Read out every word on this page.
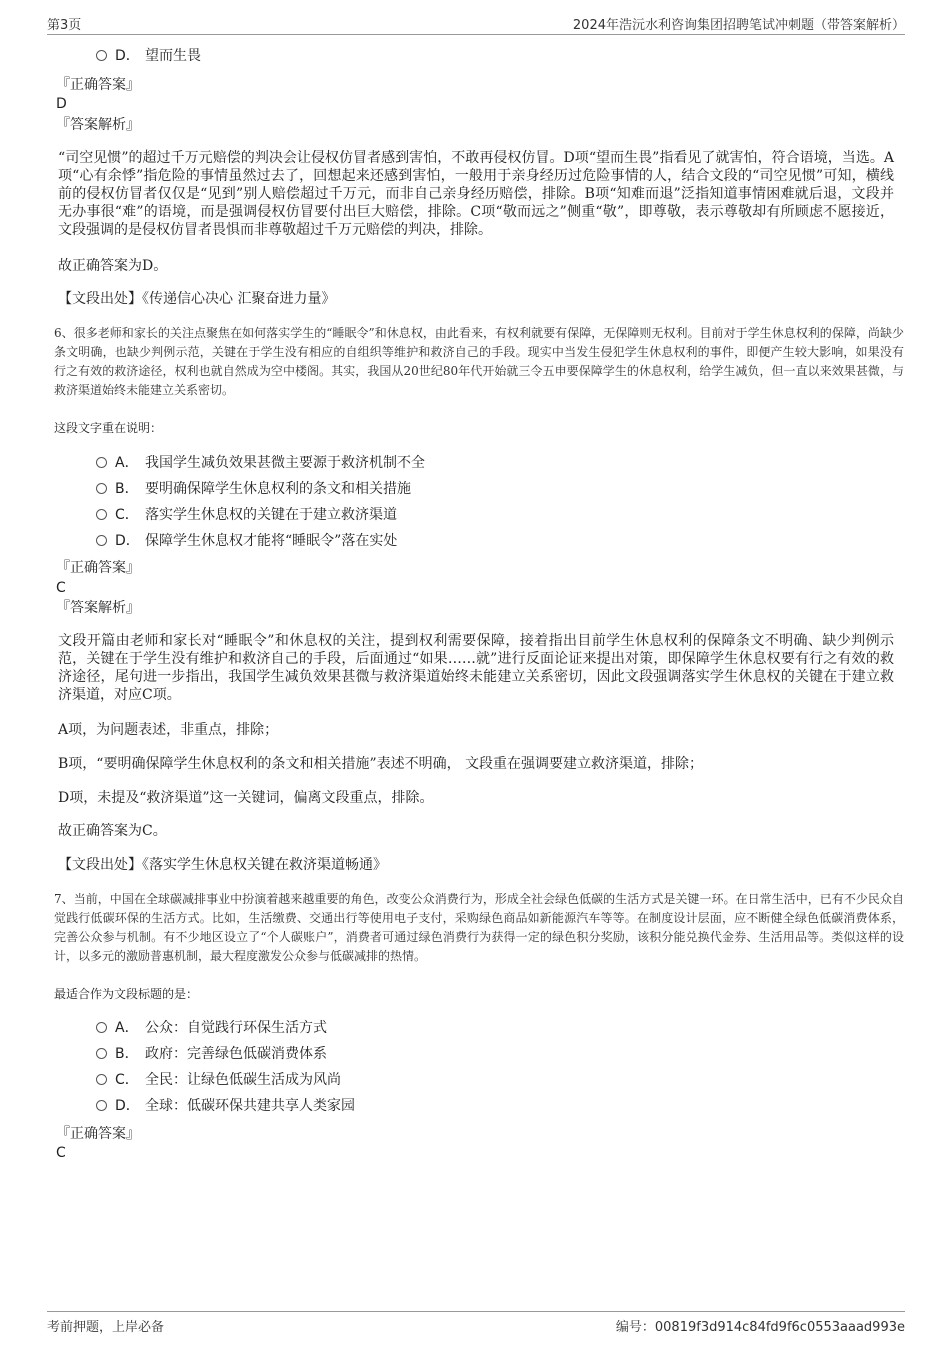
第3页	2024年浩沅水利咨询集团招聘笔试冲刺题（带答案解析）
D． 望而生畏
『正确答案』
D
『答案解析』

“司空见惯”的超过千万元赔偿的判决会让侵权仿冒者感到害怕，不敢再侵权仿冒。D项“望而生畏”指看见了就害怕，符合语境，当选。A项“心有余悸”指危险的事情虽然过去了，回想起来还感到害怕，一般用于亲身经历过危险事情的人，结合文段的“司空见惯”可知，横线前的侵权仿冒者仅仅是“见到”别人赔偿超过千万元，而非自己亲身经历赔偿，排除。B项“知难而退”泛指知道事情困难就后退，文段并无办事很“难”的语境，而是强调侵权仿冒要付出巨大赔偿，排除。C项“敬而远之”侧重“敬”，即尊敬，表示尊敬却有所顾虑不愿接近，文段强调的是侵权仿冒者畏惧而非尊敬超过千万元赔偿的判决，排除。

故正确答案为D。
【文段出处】《传递信心决心 汇聚奋进力量》

6、很多老师和家长的关注点聚焦在如何落实学生的“睡眠令”和休息权，由此看来，有权利就要有保障，无保障则无权利。目前对于学生休息权利的保障，尚缺少条文明确，也缺少判例示范，关键在于学生没有相应的自组织等维护和救济自己的手段。现实中当发生侵犯学生休息权利的事件，即便产生较大影响，如果没有行之有效的救济途径，权利也就自然成为空中楼阁。其实，我国从20世纪80年代开始就三令五申要保障学生的休息权利，给学生减负，但一直以来效果甚微，与救济渠道始终未能建立关系密切。

这段文字重在说明：
A． 我国学生减负效果甚微主要源于救济机制不全
B． 要明确保障学生休息权利的条文和相关措施
C． 落实学生休息权的关键在于建立救济渠道
D． 保障学生休息权才能将“睡眠令”落在实处
『正确答案』
C
『答案解析』

文段开篇由老师和家长对“睡眠令”和休息权的关注，提到权利需要保障，接着指出目前学生休息权利的保障条文不明确、缺少判例示范，关键在于学生没有维护和救济自己的手段，后面通过“如果……就”进行反面论证来提出对策，即保障学生休息权要有行之有效的救济途径，尾句进一步指出，我国学生减负效果甚微与救济渠道始终未能建立关系密切，因此文段强调落实学生休息权的关键在于建立救济渠道，对应C项。

A项，为问题表述，非重点，排除；
B项，“要明确保障学生休息权利的条文和相关措施”表述不明确， 文段重在强调要建立救济渠道，排除；
D项，未提及“救济渠道”这一关键词，偏离文段重点，排除。
故正确答案为C。
【文段出处】《落实学生休息权关键在救济渠道畅通》

7、当前，中国在全球碳减排事业中扮演着越来越重要的角色，改变公众消费行为，形成全社会绿色低碳的生活方式是关键一环。在日常生活中，已有不少民众自觉践行低碳环保的生活方式。比如，生活缴费、交通出行等使用电子支付，采购绿色商品如新能源汽车等等。在制度设计层面，应不断健全绿色低碳消费体系，完善公众参与机制。有不少地区设立了“个人碳账户”，消费者可通过绿色消费行为获得一定的绿色积分奖励，该积分能兑换代金券、生活用品等。类似这样的设计，以多元的激励普惠机制，最大程度激发公众参与低碳减排的热情。

最适合作为文段标题的是：
A． 公众：自觉践行环保生活方式
B． 政府：完善绿色低碳消费体系
C． 全民：让绿色低碳生活成为风尚
D． 全球：低碳环保共建共享人类家园
『正确答案』
C
考前押题，上岸必备	编号：00819f3d914c84fd9f6c0553aaad993e
